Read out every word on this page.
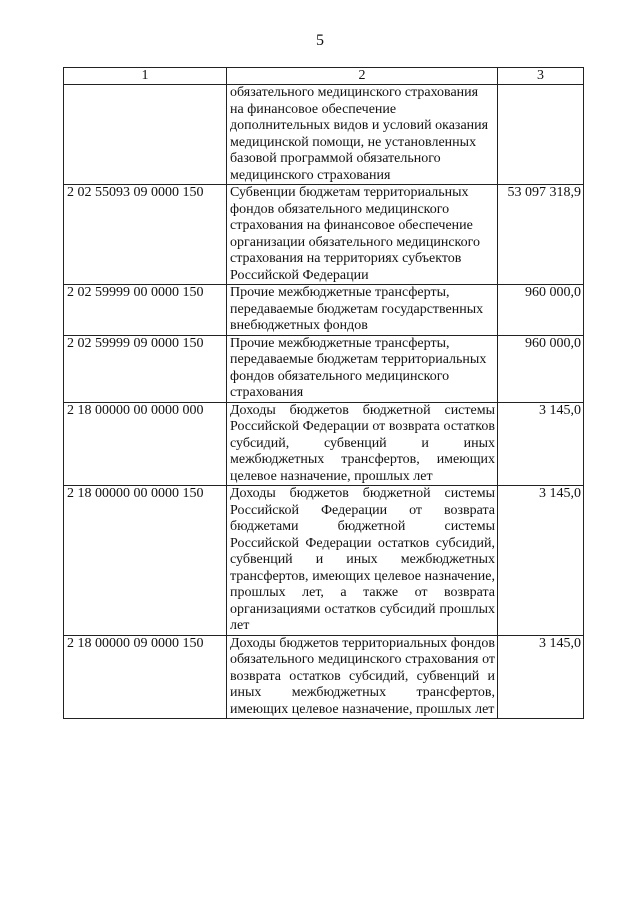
5
1	2	3
	обязательного медицинского страхования на финансовое обеспечение дополнительных видов и условий оказания медицинской помощи, не установленных базовой программой обязательного медицинского страхования	
2 02 55093 09 0000 150	Субвенции бюджетам территориальных фондов обязательного медицинского страхования на финансовое обеспечение организации обязательного медицинского страхования на территориях субъектов Российской Федерации	53 097 318,9
2 02 59999 00 0000 150	Прочие межбюджетные трансферты, передаваемые бюджетам государственных внебюджетных фондов	960 000,0
2 02 59999 09 0000 150	Прочие межбюджетные трансферты, передаваемые бюджетам территориальных фондов обязательного медицинского страхования	960 000,0
2 18 00000 00 0000 000	Доходы бюджетов бюджетной системы Российской Федерации от возврата остатков субсидий, субвенций и иных межбюджетных трансфертов, имеющих целевое назначение, прошлых лет	3 145,0
2 18 00000 00 0000 150	Доходы бюджетов бюджетной системы Российской Федерации от возврата бюджетами бюджетной системы Российской Федерации остатков субсидий, субвенций и иных межбюджетных трансфертов, имеющих целевое назначение, прошлых лет, а также от возврата организациями остатков субсидий прошлых лет	3 145,0
2 18 00000 09 0000 150	Доходы бюджетов территориальных фондов обязательного медицинского страхования от возврата остатков субсидий, субвенций и иных межбюджетных трансфертов, имеющих целевое назначение, прошлых лет	3 145,0
